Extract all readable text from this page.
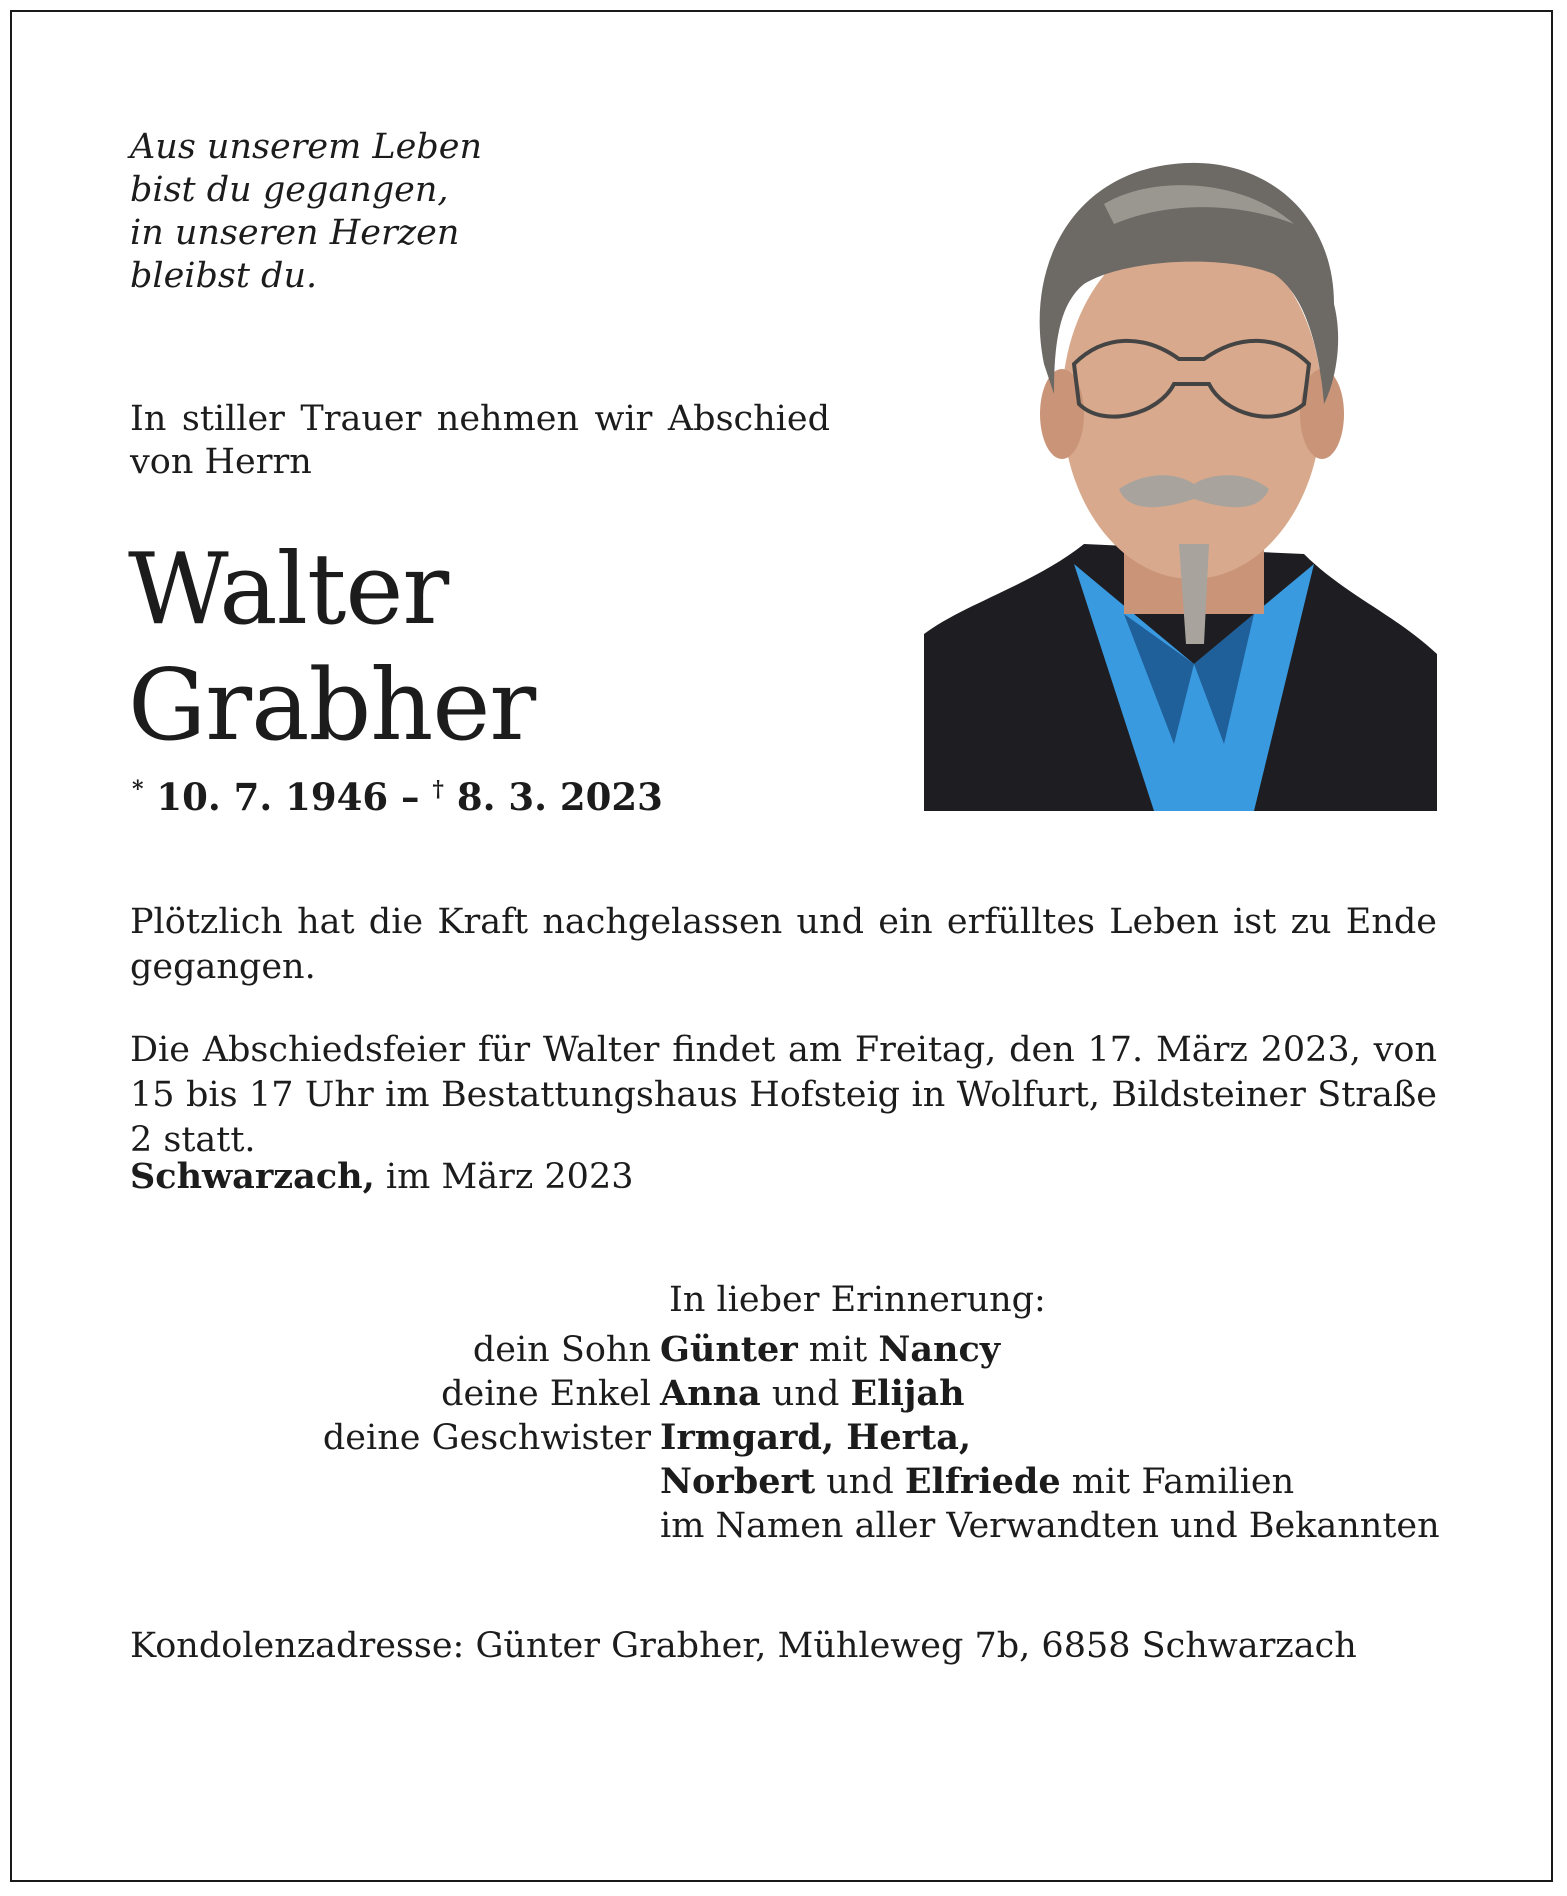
Aus unserem Leben
bist du gegangen,
in unseren Herzen
bleibst du.
In stiller Trauer nehmen wir Abschied
von Herrn
Walter
Grabher
* 10. 7. 1946 – † 8. 3. 2023
Plötzlich hat die Kraft nachgelassen und ein erfülltes Leben ist zu Ende gegangen.
Die Abschiedsfeier für Walter findet am Freitag, den 17. März 2023, von 15 bis 17 Uhr im Bestattungshaus Hofsteig in Wolfurt, Bildsteiner Straße 2 statt.
Schwarzach, im März 2023
In lieber Erinnerung:
dein Sohn Günter mit Nancy
deine Enkel Anna und Elijah
deine Geschwister Irmgard, Herta,
Norbert und Elfriede mit Familien
im Namen aller Verwandten und Bekannten
Kondolenzadresse: Günter Grabher, Mühleweg 7b, 6858 Schwarzach
